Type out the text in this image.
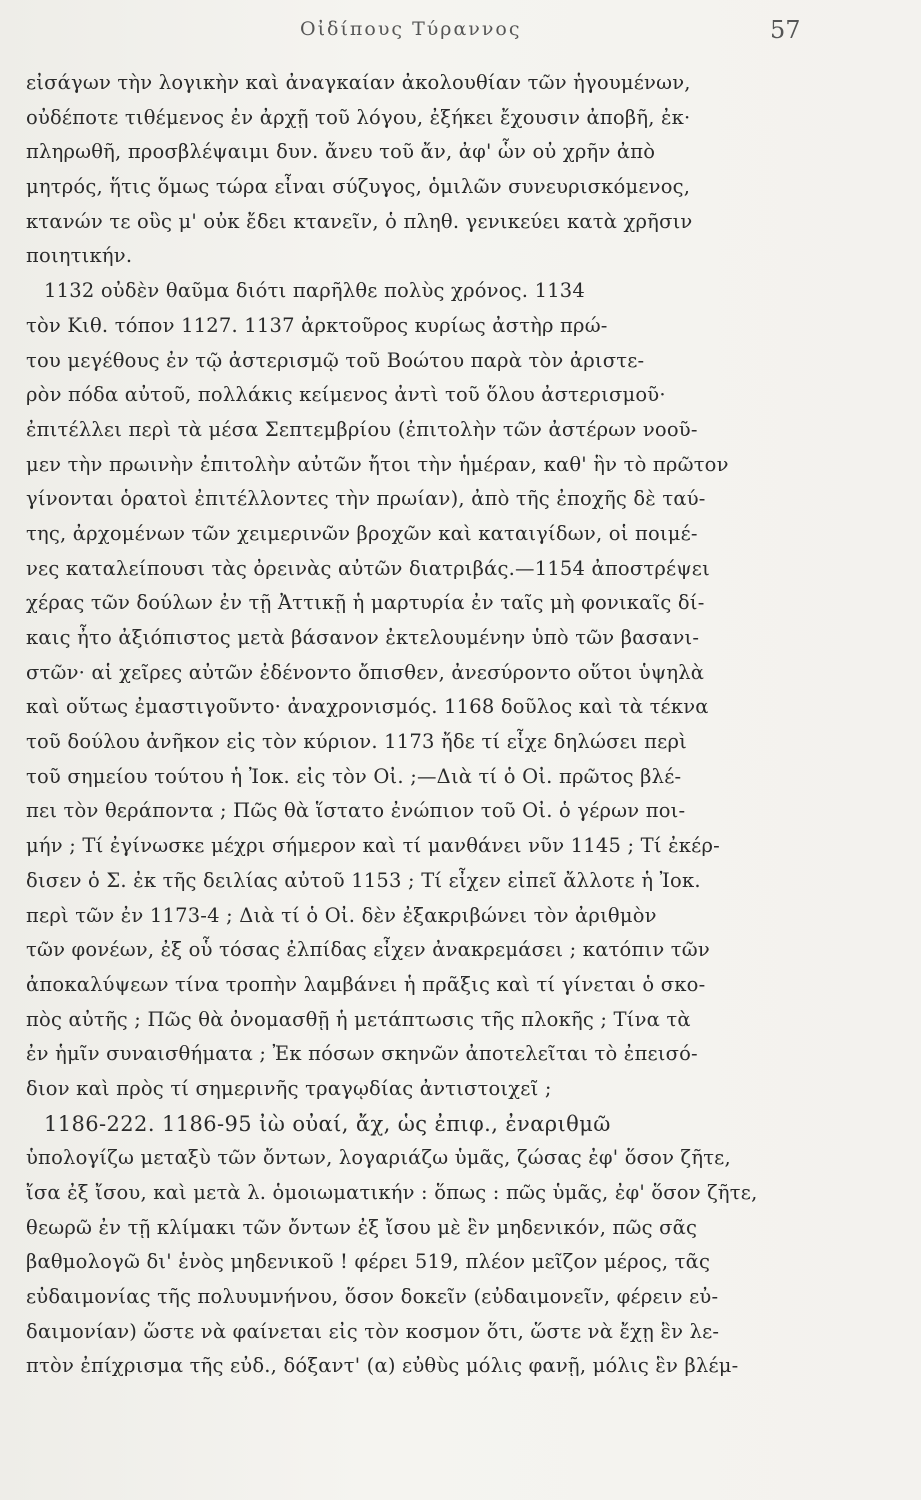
Οἰδίπους Τύραννος	57
εἰσάγων τὴν λογικὴν καὶ ἀναγκαίαν ἀκολουθίαν τῶν ἡγουμένων,
οὐδέποτε τιθέμενος ἐν ἀρχῇ τοῦ λόγου, ἐξήκει ἔχουσιν ἀποβῆ, ἐκ·
πληρωθῆ, προσβλέψαιμι δυν. ἄνευ τοῦ ἄν, ἀφ' ὧν οὐ χρῆν ἀπὸ
μητρός, ἥτις ὅμως τώρα εἶναι σύζυγος, ὁμιλῶν συνευρισκόμενος,
κτανών τε οὓς μ' οὐκ ἔδει κτανεῖν, ὁ πληθ. γενικεύει κατὰ χρῆσιν
ποιητικήν.
1132 οὐδὲν θαῦμα διότι παρῆλθε πολὺς χρόνος. 1134
τὸν Κιθ. τόπον 1127. 1137 ἀρκτοῦρος κυρίως ἀστὴρ πρώ-
του μεγέθους ἐν τῷ ἀστερισμῷ τοῦ Βοώτου παρὰ τὸν ἀριστε-
ρὸν πόδα αὐτοῦ, πολλάκις κείμενος ἀντὶ τοῦ ὅλου ἀστερισμοῦ·
ἐπιτέλλει περὶ τὰ μέσα Σεπτεμβρίου (ἐπιτολὴν τῶν ἀστέρων νοοῦ-
μεν τὴν πρωινὴν ἐπιτολὴν αὐτῶν ἤτοι τὴν ἡμέραν, καθ' ἣν τὸ πρῶτον
γίνονται ὁρατοὶ ἐπιτέλλοντες τὴν πρωίαν), ἀπὸ τῆς ἐποχῆς δὲ ταύ-
της, ἀρχομένων τῶν χειμερινῶν βροχῶν καὶ καταιγίδων, οἱ ποιμέ-
νες καταλείπουσι τὰς ὀρεινὰς αὐτῶν διατριβάς.—1154 ἀποστρέψει
χέρας τῶν δούλων ἐν τῇ Ἀττικῇ ἡ μαρτυρία ἐν ταῖς μὴ φονικαῖς δί-
καις ἦτο ἀξιόπιστος μετὰ βάσανον ἐκτελουμένην ὑπὸ τῶν βασανι-
στῶν· αἱ χεῖρες αὐτῶν ἐδένοντο ὄπισθεν, ἀνεσύροντο οὕτοι ὑψηλὰ
καὶ οὕτως ἐμαστιγοῦντο· ἀναχρονισμός. 1168 δοῦλος καὶ τὰ τέκνα
τοῦ δούλου ἀνῆκον εἰς τὸν κύριον. 1173 ἤδε τί εἶχε δηλώσει περὶ
τοῦ σημείου τούτου ἡ Ἰοκ. εἰς τὸν Οἰ. ;—Διὰ τί ὁ Οἰ. πρῶτος βλέ-
πει τὸν θεράποντα ; Πῶς θὰ ἵστατο ἐνώπιον τοῦ Οἰ. ὁ γέρων ποι-
μήν ; Τί ἐγίνωσκε μέχρι σήμερον καὶ τί μανθάνει νῦν 1145 ; Τί ἐκέρ-
δισεν ὁ Σ. ἐκ τῆς δειλίας αὐτοῦ 1153 ; Τί εἶχεν εἰπεῖ ἄλλοτε ἡ Ἰοκ.
περὶ τῶν ἐν 1173-4 ; Διὰ τί ὁ Οἰ. δὲν ἐξακριβώνει τὸν ἀριθμὸν
τῶν φονέων, ἐξ οὗ τόσας ἐλπίδας εἶχεν ἀνακρεμάσει ; κατόπιν τῶν
ἀποκαλύψεων τίνα τροπὴν λαμβάνει ἡ πρᾶξις καὶ τί γίνεται ὁ σκο-
πὸς αὐτῆς ; Πῶς θὰ ὀνομασθῇ ἡ μετάπτωσις τῆς πλοκῆς ; Τίνα τὰ
ἐν ἡμῖν συναισθήματα ; Ἐκ πόσων σκηνῶν ἀποτελεῖται τὸ ἐπεισό-
διον καὶ πρὸς τί σημερινῆς τραγῳδίας ἀντιστοιχεῖ ;
1186-222. 1186-95 ἰὼ οὐαί, ἄχ, ὡς ἐπιφ., ἐναριθμῶ
ὑπολογίζω μεταξὺ τῶν ὄντων, λογαριάζω ὑμᾶς, ζώσας ἐφ' ὅσον ζῆτε,
ἴσα ἐξ ἴσου, καὶ μετὰ λ. ὁμοιωματικήν : ὅπως : πῶς ὑμᾶς, ἐφ' ὅσον ζῆτε,
θεωρῶ ἐν τῇ κλίμακι τῶν ὄντων ἐξ ἴσου μὲ ἓν μηδενικόν, πῶς σᾶς
βαθμολογῶ δι' ἑνὸς μηδενικοῦ ! φέρει 519, πλέον μεῖζον μέρος, τᾶς
εὐδαιμονίας τῆς πολυυμνήνου, ὅσον δοκεῖν (εὐδαιμονεῖν, φέρειν εὐ-
δαιμονίαν) ὥστε νὰ φαίνεται εἰς τὸν κοσμον ὅτι, ὥστε νὰ ἔχῃ ἓν λε-
πτὸν ἐπίχρισμα τῆς εὐδ., δόξαντ' (α) εὐθὺς μόλις φανῇ, μόλις ἓν βλέμ-
